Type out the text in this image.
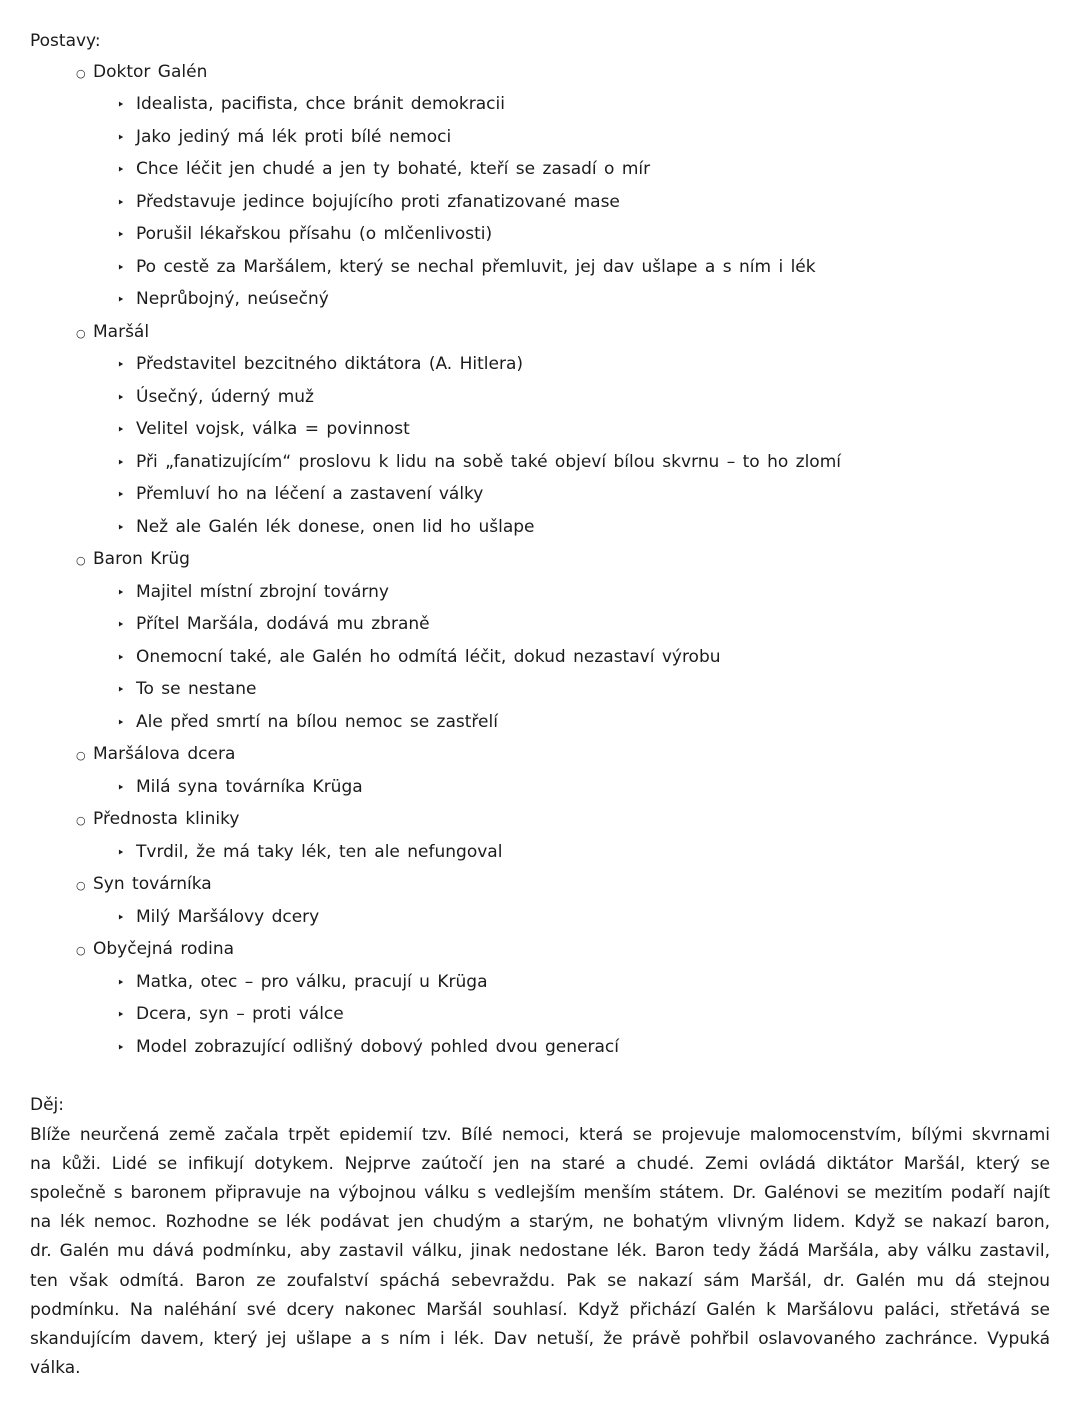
Postavy:
○ Doktor Galén
‣ Idealista, pacifista, chce bránit demokracii
‣ Jako jediný má lék proti bílé nemoci
‣ Chce léčit jen chudé a jen ty bohaté, kteří se zasadí o mír
‣ Představuje jedince bojujícího proti zfanatizované mase
‣ Porušil lékařskou přísahu (o mlčenlivosti)
‣ Po cestě za Maršálem, který se nechal přemluvit, jej dav ušlape a s ním i lék
‣ Neprůbojný, neúsečný
○ Maršál
‣ Představitel bezcitného diktátora (A. Hitlera)
‣ Úsečný, úderný muž
‣ Velitel vojsk, válka = povinnost
‣ Při „fanatizujícím“ proslovu k lidu na sobě také objeví bílou skvrnu – to ho zlomí
‣ Přemluví ho na léčení a zastavení války
‣ Než ale Galén lék donese, onen lid ho ušlape
○ Baron Krüg
‣ Majitel místní zbrojní továrny
‣ Přítel Maršála, dodává mu zbraně
‣ Onemocní také, ale Galén ho odmítá léčit, dokud nezastaví výrobu
‣ To se nestane
‣ Ale před smrtí na bílou nemoc se zastřelí
○ Maršálova dcera
‣ Milá syna továrníka Krüga
○ Přednosta kliniky
‣ Tvrdil, že má taky lék, ten ale nefungoval
○ Syn továrníka
‣ Milý Maršálovy dcery
○ Obyčejná rodina
‣ Matka, otec – pro válku, pracují u Krüga
‣ Dcera, syn – proti válce
‣ Model zobrazující odlišný dobový pohled dvou generací
Děj:
Blíže neurčená země začala trpět epidemií tzv. Bílé nemoci, která se projevuje malomocenstvím, bílými skvrnami na kůži. Lidé se infikují dotykem. Nejprve zaútočí jen na staré a chudé. Zemi ovládá diktátor Maršál, který se společně s baronem připravuje na výbojnou válku s vedlejším menším státem. Dr. Galénovi se mezitím podaří najít na lék nemoc. Rozhodne se lék podávat jen chudým a starým, ne bohatým vlivným lidem. Když se nakazí baron, dr. Galén mu dává podmínku, aby zastavil válku, jinak nedostane lék. Baron tedy žádá Maršála, aby válku zastavil, ten však odmítá. Baron ze zoufalství spáchá sebevraždu. Pak se nakazí sám Maršál, dr. Galén mu dá stejnou podmínku. Na naléhání své dcery nakonec Maršál souhlasí. Když přichází Galén k Maršálovu paláci, střetává se skandujícím davem, který jej ušlape a s ním i lék. Dav netuší, že právě pohřbil oslavovaného zachránce. Vypuká válka.
